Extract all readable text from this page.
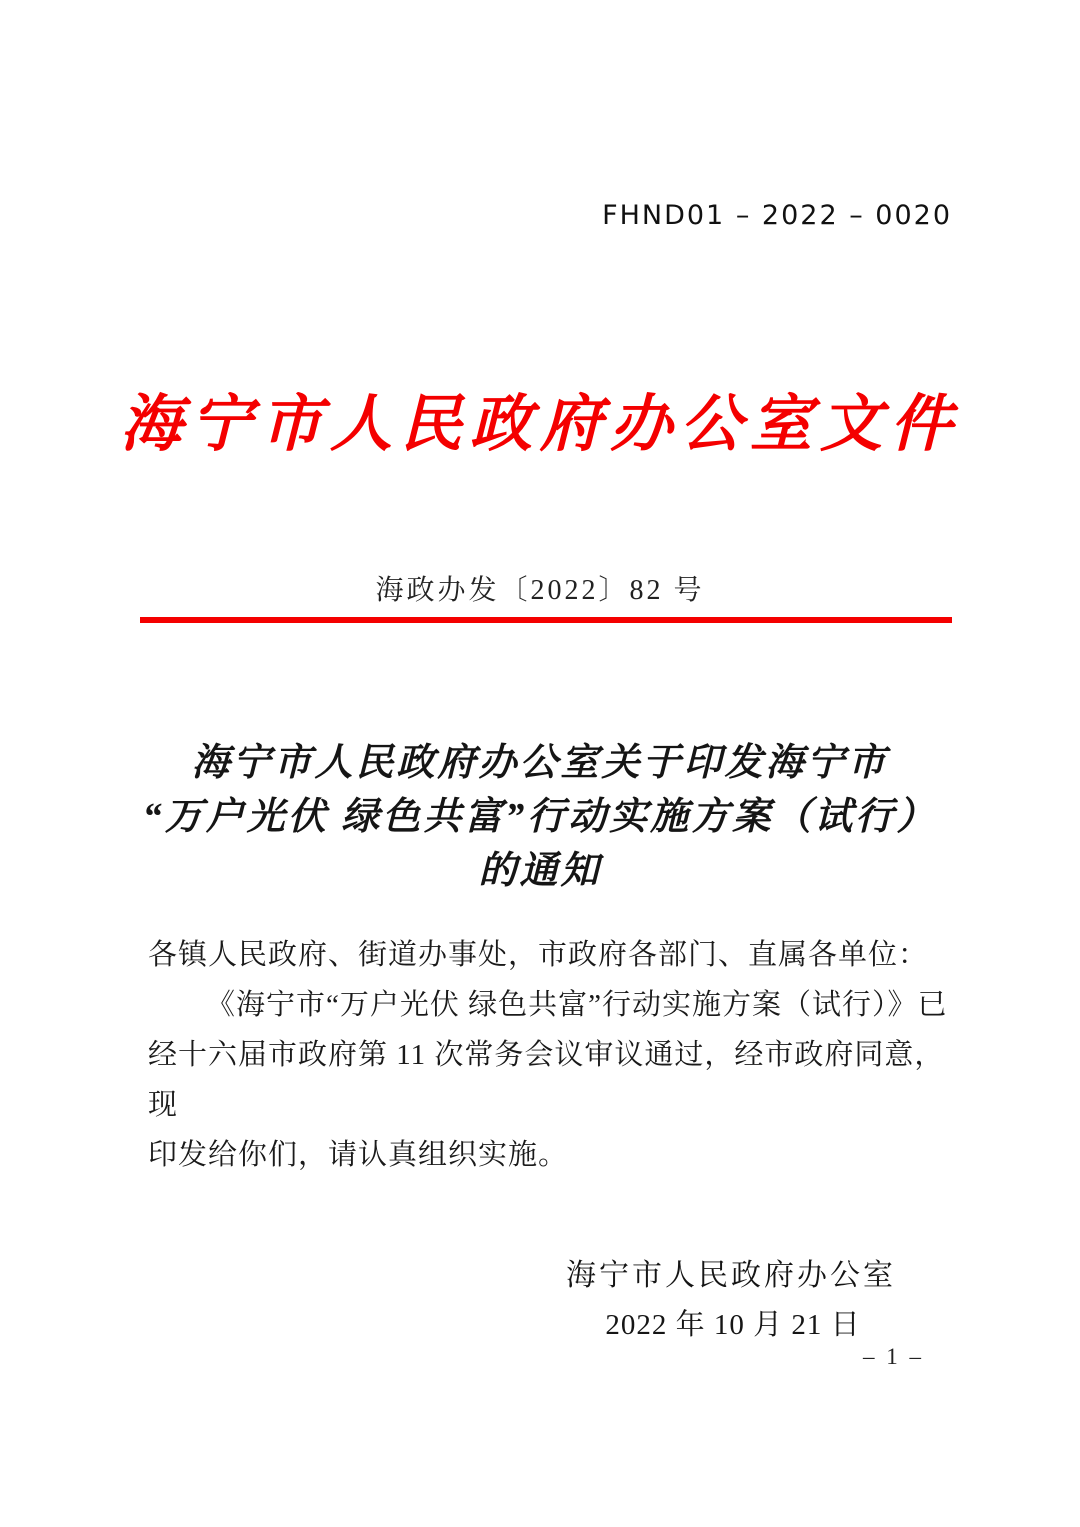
FHND01 – 2022 – 0020
海宁市人民政府办公室文件
海政办发〔2022〕82 号
海宁市人民政府办公室关于印发海宁市
“万户光伏 绿色共富”行动实施方案（试行）
的通知
各镇人民政府、街道办事处，市政府各部门、直属各单位：
《海宁市“万户光伏 绿色共富”行动实施方案（试行）》已
经十六届市政府第 11 次常务会议审议通过，经市政府同意，现
印发给你们，请认真组织实施。
海宁市人民政府办公室
2022 年 10 月 21 日
– 1 –
